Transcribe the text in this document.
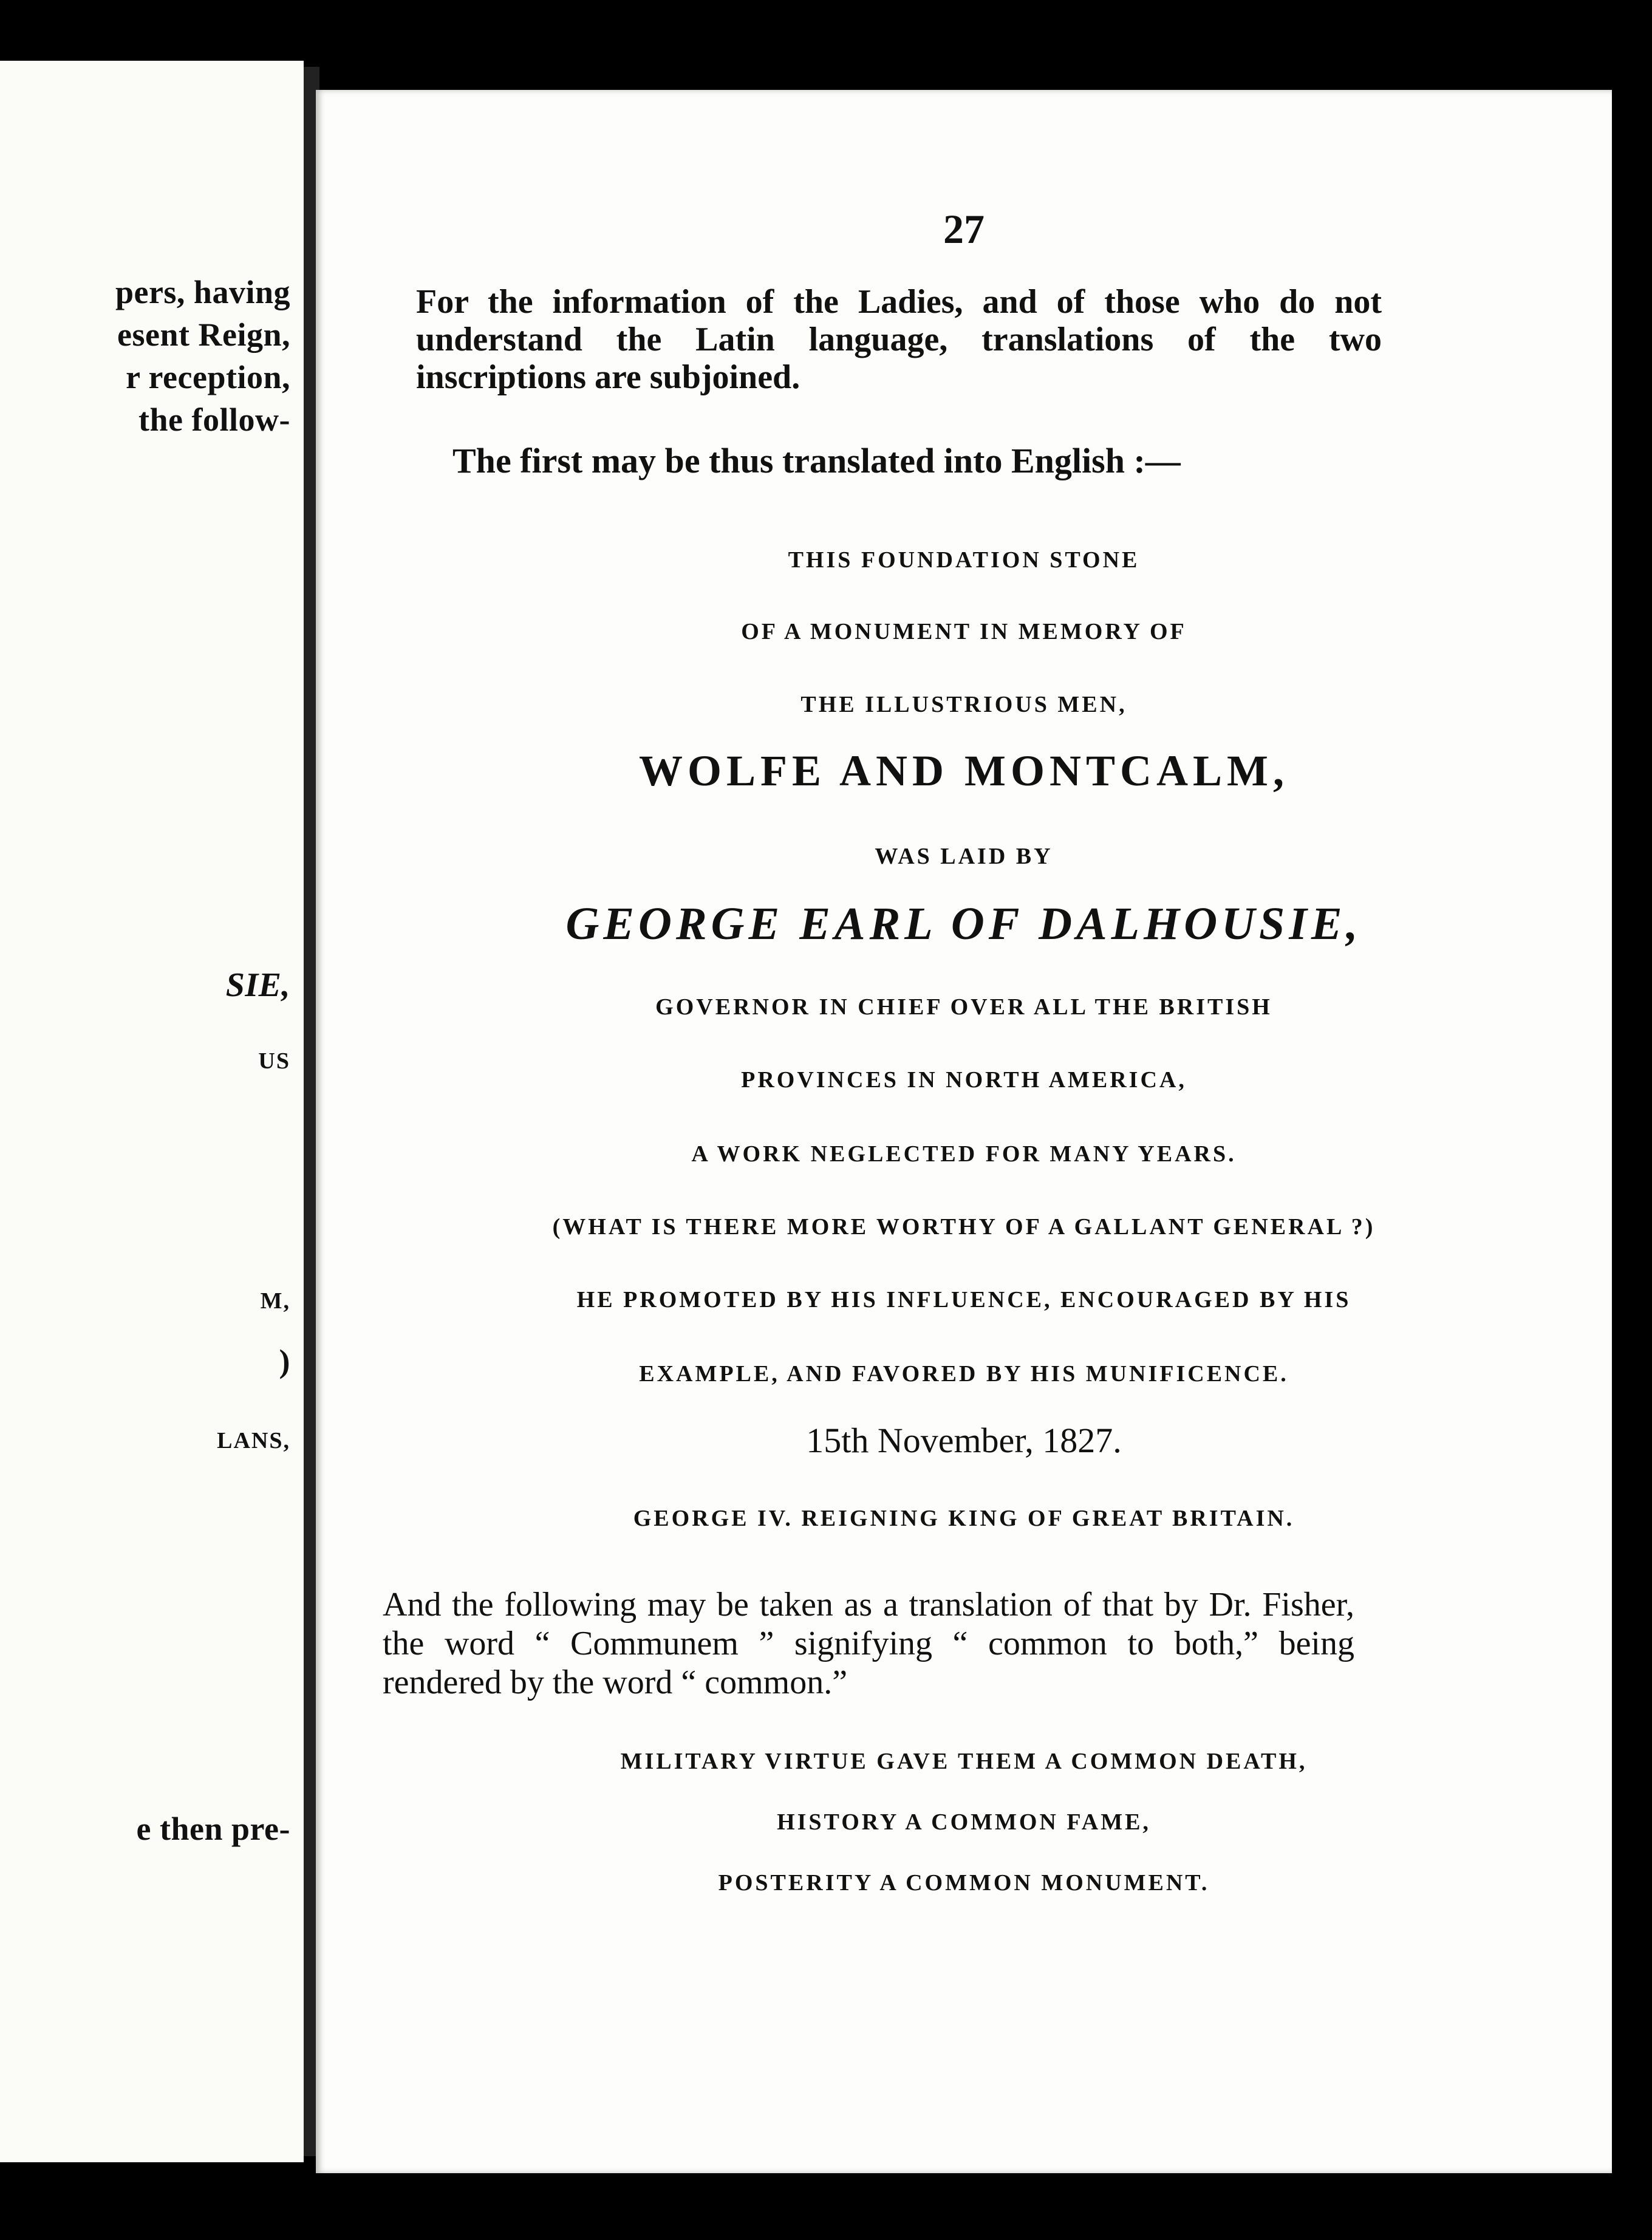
pers, having
esent Reign,
r reception,
the follow-
SIE,
US
M,
)
LANS,
e then pre-
27
For the information of the Ladies, and of those who do not understand the Latin language, translations of the two inscriptions are subjoined.
The first may be thus translated into English :—
THIS FOUNDATION STONE
OF A MONUMENT IN MEMORY OF
THE ILLUSTRIOUS MEN,
WOLFE AND MONTCALM,
WAS LAID BY
GEORGE EARL OF DALHOUSIE,
GOVERNOR IN CHIEF OVER ALL THE BRITISH
PROVINCES IN NORTH AMERICA,
A WORK NEGLECTED FOR MANY YEARS.
(WHAT IS THERE MORE WORTHY OF A GALLANT GENERAL ?)
HE PROMOTED BY HIS INFLUENCE, ENCOURAGED BY HIS
EXAMPLE, AND FAVORED BY HIS MUNIFICENCE.
15th November, 1827.
GEORGE IV. REIGNING KING OF GREAT BRITAIN.
And the following may be taken as a translation of that by Dr. Fisher, the word “ Communem ” signifying “ common to both,” being rendered by the word “ common.”
MILITARY VIRTUE GAVE THEM A COMMON DEATH,
HISTORY A COMMON FAME,
POSTERITY A COMMON MONUMENT.
